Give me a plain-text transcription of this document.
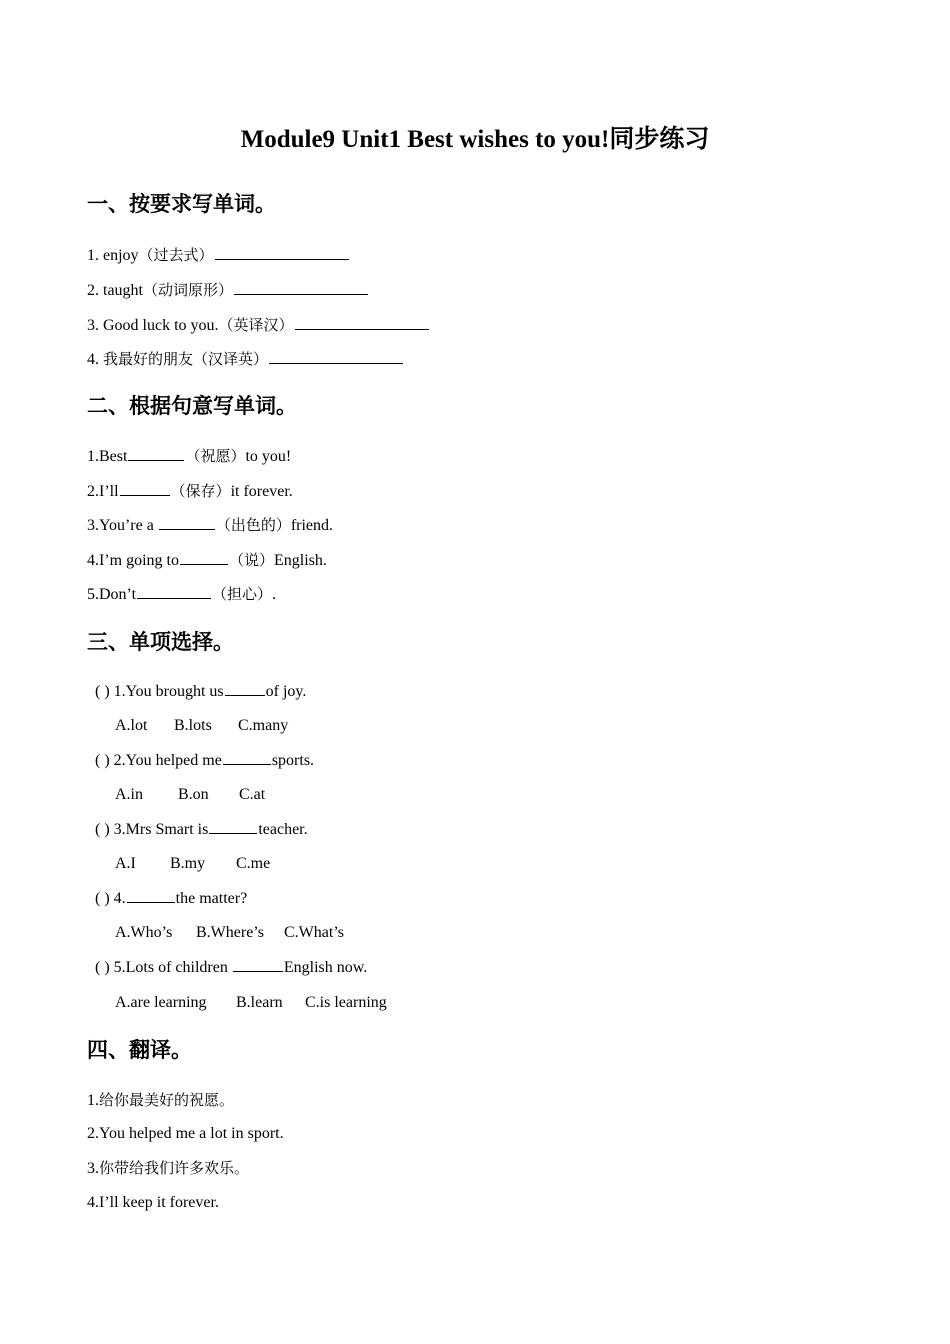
Module9 Unit1 Best wishes to you!同步练习
一、按要求写单词。
1. enjoy（过去式）
2. taught（动词原形）
3. Good luck to you.（英译汉）
4. 我最好的朋友（汉译英）
二、根据句意写单词。
1.Best	（祝愿）to you!
2.I’ll	（保存）it forever.
3.You’re a	（出色的）friend.
4.I’m going to	（说）English.
5.Don’t	（担心）.
三、单项选择。
( ) 1.You brought us	of joy.
A.lot B.lots C.many
( ) 2.You helped me	sports.
A.in B.on C.at
( ) 3.Mrs Smart is	teacher.
A.I B.my C.me
( ) 4.	the matter?
A.Who’s B.Where’s C.What’s
( ) 5.Lots of children	English now.
A.are learning B.learn C.is learning
四、翻译。
1.给你最美好的祝愿。
2.You helped me a lot in sport.
3.你带给我们许多欢乐。
4.I’ll keep it forever.
